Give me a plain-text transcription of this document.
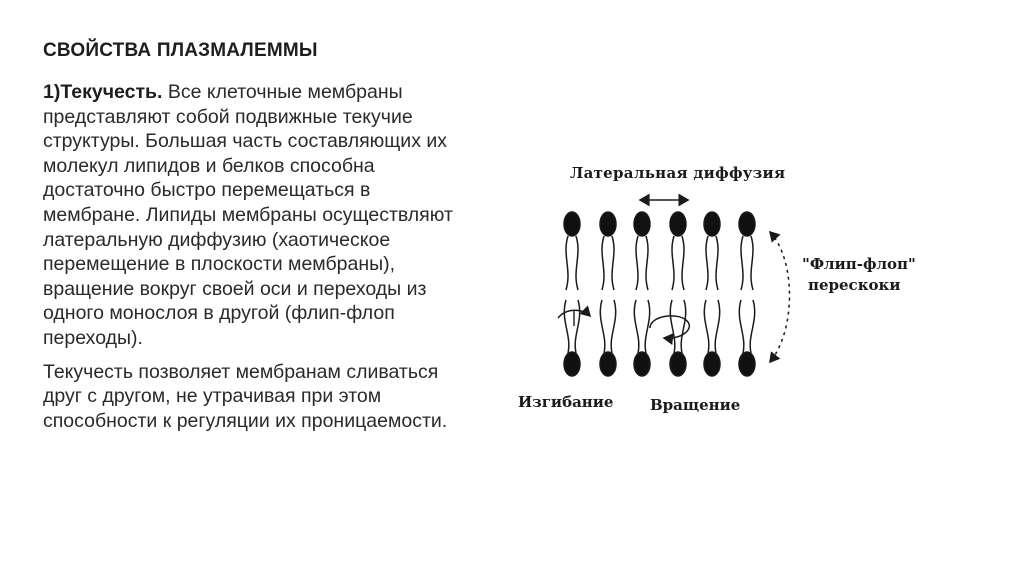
СВОЙСТВА ПЛАЗМАЛЕММЫ

1)Текучесть. Все клеточные мембраны представляют собой подвижные текучие структуры. Большая часть составляющих их молекул липидов и белков способна достаточно быстро перемещаться в мембране. Липиды мембраны осуществляют латеральную диффузию (хаотическое перемещение в плоскости мембраны), вращение вокруг своей оси и переходы из одного монослоя в другой (флип-флоп переходы).

Текучесть позволяет мембранам сливаться друг с другом, не утрачивая при этом способности к регуляции их проницаемости.

Латеральная диффузия
"Флип-флоп"
перескоки
Изгибание Вращение
